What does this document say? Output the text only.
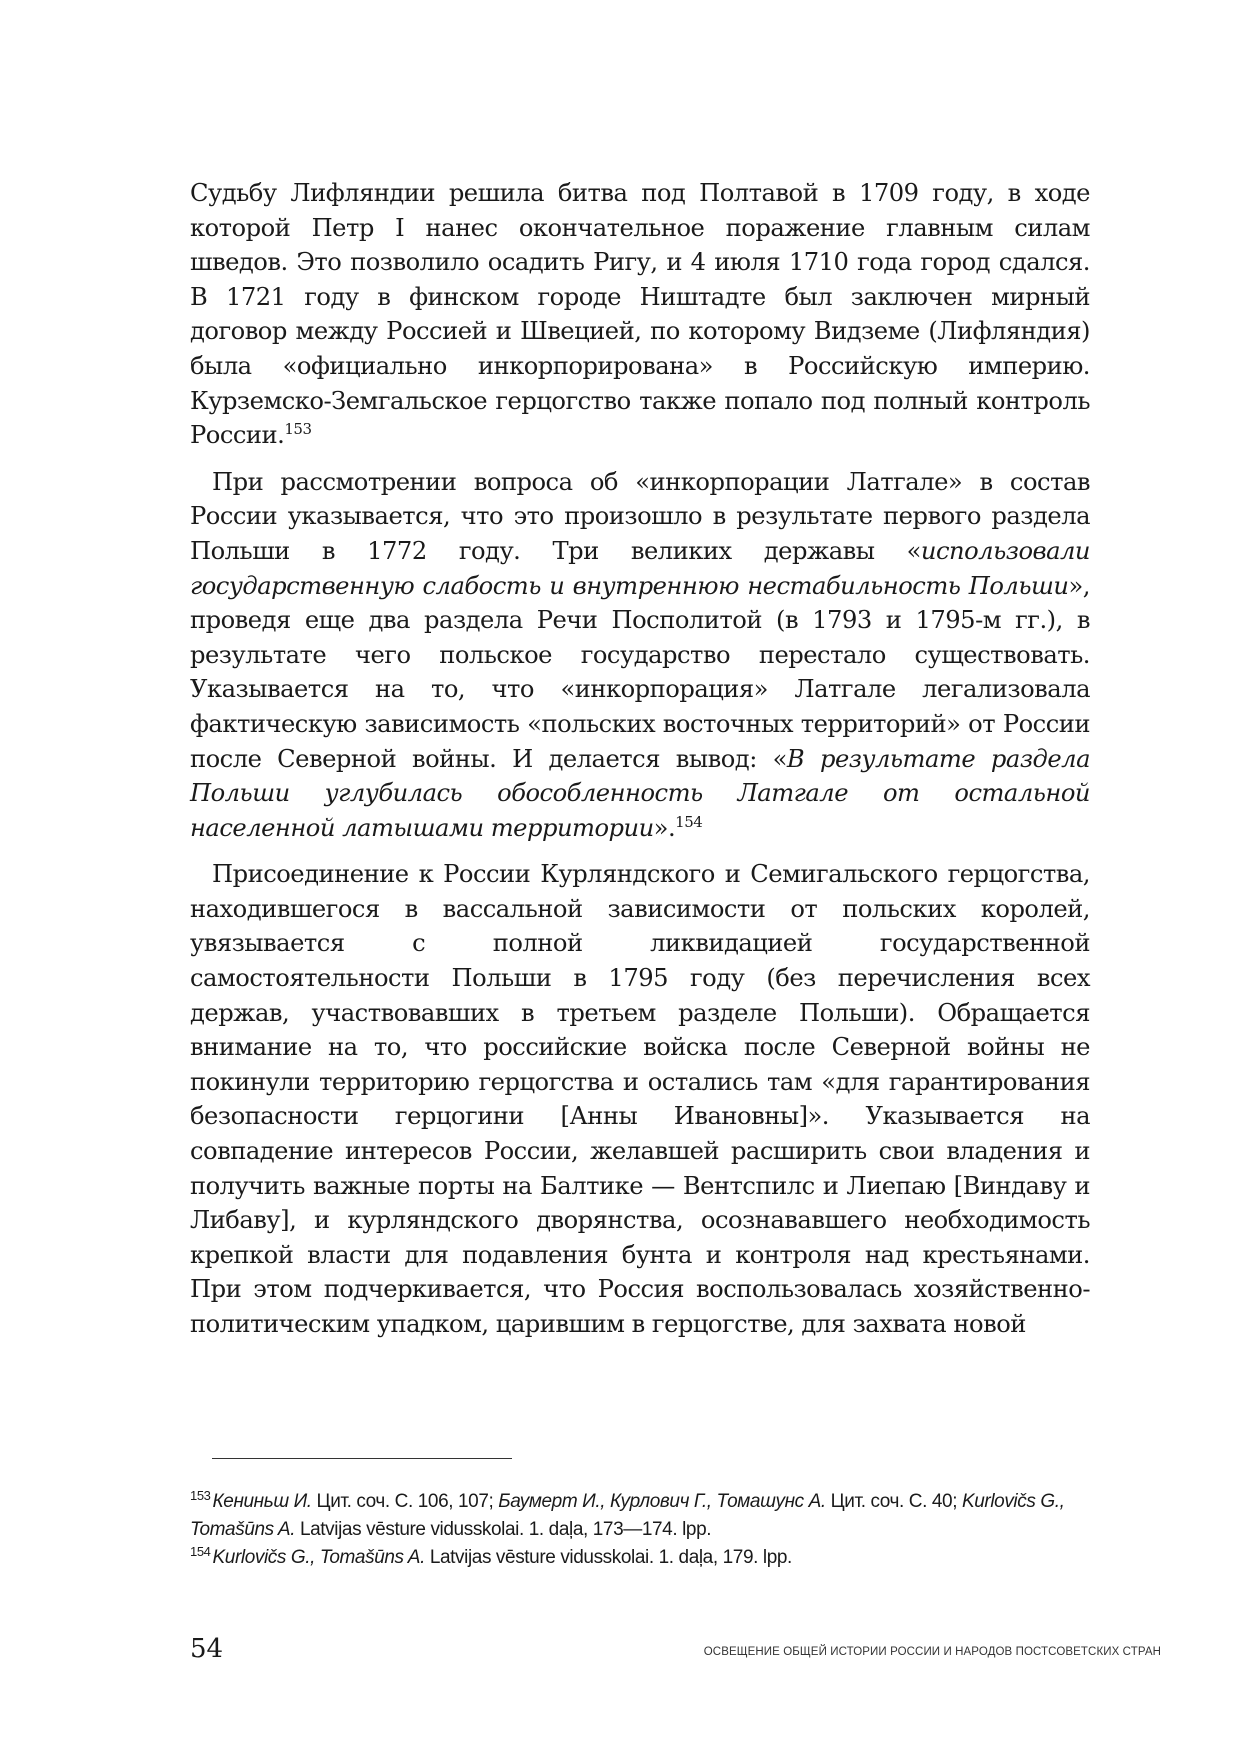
Судьбу Лифляндии решила битва под Полтавой в 1709 году, в ходе которой Петр I нанес окончательное поражение главным силам шведов. Это позволило осадить Ригу, и 4 июля 1710 года город сдался. В 1721 году в финском городе Ништадте был заключен мирный договор между Россией и Швецией, по которому Видземе (Лифляндия) была «официально инкорпорирована» в Российскую империю. Курземско-Земгальское герцогство также попало под полный контроль России.$^{153}$

При рассмотрении вопроса об «инкорпорации Латгале» в состав России указывается, что это произошло в результате первого раздела Польши в 1772 году. Три великих державы «использовали государственную слабость и внутреннюю нестабильность Польши», проведя еще два раздела Речи Посполитой (в 1793 и 1795-м гг.), в результате чего польское государство перестало существовать. Указывается на то, что «инкорпорация» Латгале легализовала фактическую зависимость «польских восточных территорий» от России после Северной войны. И делается вывод: «В результате раздела Польши углубилась обособленность Латгале от остальной населенной латышами территории».$^{154}$

Присоединение к России Курляндского и Семигальского герцогства, находившегося в вассальной зависимости от польских королей, увязывается с полной ликвидацией государственной самостоятельности Польши в 1795 году (без перечисления всех держав, участвовавших в третьем разделе Польши). Обращается внимание на то, что российские войска после Северной войны не покинули территорию герцогства и остались там «для гарантирования безопасности герцогини [Анны Ивановны]». Указывается на совпадение интересов России, желавшей расширить свои владения и получить важные порты на Балтике — Вентспилс и Лиепаю [Виндаву и Либаву], и курляндского дворянства, осознававшего необходимость крепкой власти для подавления бунта и контроля над крестьянами. При этом подчеркивается, что Россия воспользовалась хозяйственно-политическим упадком, царившим в герцогстве, для захвата новой

$^{153}$ Кениньш И. Цит. соч. С. 106, 107; Баумерт И., Курлович Г., Томашунс А. Цит. соч. С. 40; Kurlovičs G., Tomašūns A. Latvijas vēsture vidusskolai. 1. daļa, 173—174. lpp.

$^{154}$ Kurlovičs G., Tomašūns A. Latvijas vēsture vidusskolai. 1. daļa, 179. lpp.

54	ОСВЕЩЕНИЕ ОБЩЕЙ ИСТОРИИ РОССИИ И НАРОДОВ ПОСТСОВЕТСКИХ СТРАН
